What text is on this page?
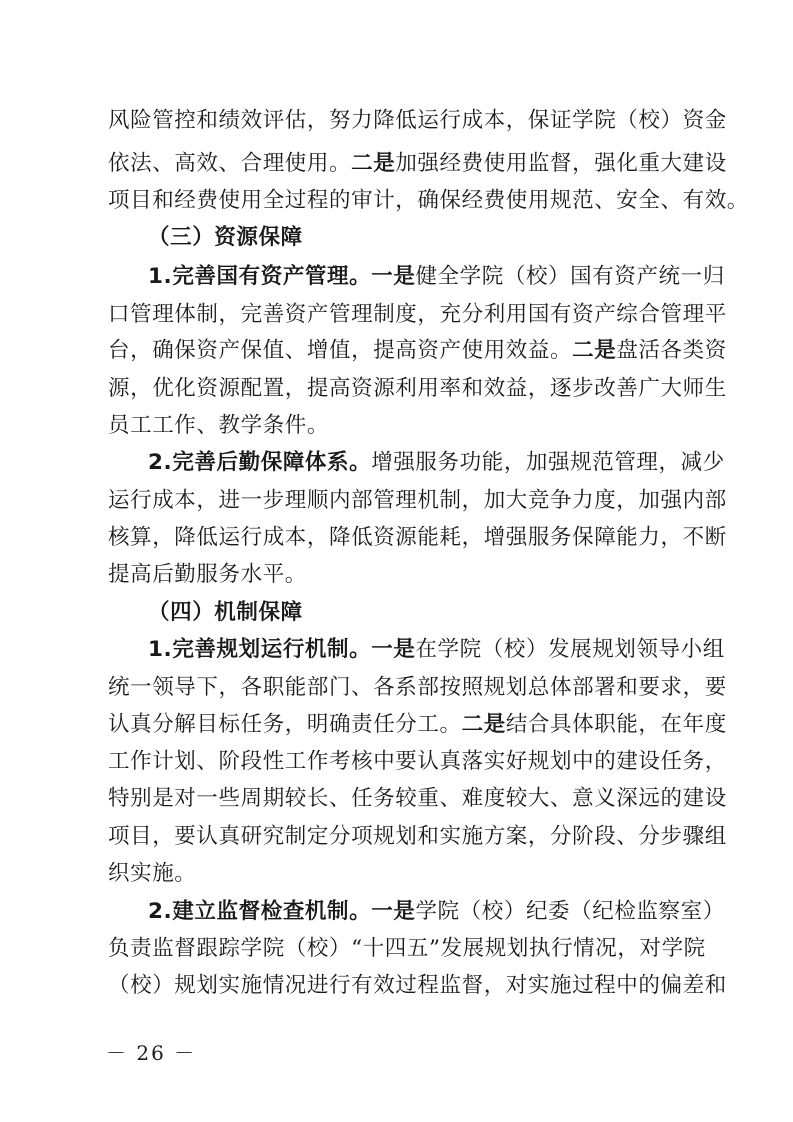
风险管控和绩效评估，努力降低运行成本，保证学院（校）资金
依法、高效、合理使用。二是加强经费使用监督，强化重大建设
项目和经费使用全过程的审计，确保经费使用规范、安全、有效。
（三）资源保障
1.完善国有资产管理。一是健全学院（校）国有资产统一归
口管理体制，完善资产管理制度，充分利用国有资产综合管理平
台，确保资产保值、增值，提高资产使用效益。二是盘活各类资
源，优化资源配置，提高资源利用率和效益，逐步改善广大师生
员工工作、教学条件。
2.完善后勤保障体系。增强服务功能，加强规范管理，减少
运行成本，进一步理顺内部管理机制，加大竞争力度，加强内部
核算，降低运行成本，降低资源能耗，增强服务保障能力，不断
提高后勤服务水平。
（四）机制保障
1.完善规划运行机制。一是在学院（校）发展规划领导小组
统一领导下，各职能部门、各系部按照规划总体部署和要求，要
认真分解目标任务，明确责任分工。二是结合具体职能，在年度
工作计划、阶段性工作考核中要认真落实好规划中的建设任务，
特别是对一些周期较长、任务较重、难度较大、意义深远的建设
项目，要认真研究制定分项规划和实施方案，分阶段、分步骤组
织实施。
2.建立监督检查机制。一是学院（校）纪委（纪检监察室）
负责监督跟踪学院（校）“十四五”发展规划执行情况，对学院
（校）规划实施情况进行有效过程监督，对实施过程中的偏差和
－ 26 －
